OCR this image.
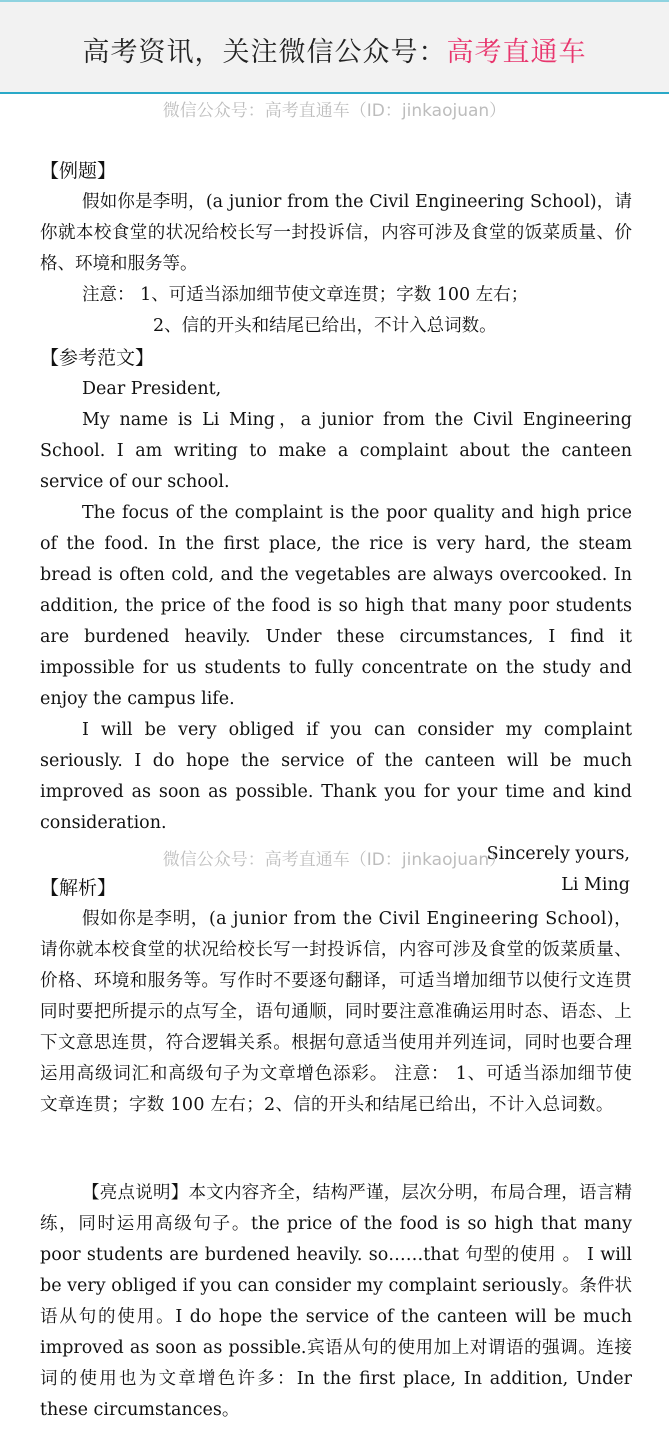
高考资讯，关注微信公众号：高考直通车
微信公众号：高考直通车（ID：jinkaojuan）

【例题】

假如你是李明，(a junior from the Civil Engineering School)，请你就本校食堂的状况给校长写一封投诉信，内容可涉及食堂的饭菜质量、价格、环境和服务等。

注意： 1、可适当添加细节使文章连贯；字数 100 左右；

2、信的开头和结尾已给出，不计入总词数。

【参考范文】

Dear President,

My name is Li Ming，a junior from the Civil Engineering School. I am writing to make a complaint about the canteen service of our school.

The focus of the complaint is the poor quality and high price of the food. In the first place, the rice is very hard, the steam bread is often cold, and the vegetables are always overcooked. In addition, the price of the food is so high that many poor students are burdened heavily. Under these circumstances, I find it impossible for us students to fully concentrate on the study and enjoy the campus life.

I will be very obliged if you can consider my complaint seriously. I do hope the service of the canteen will be much improved as soon as possible. Thank you for your time and kind consideration.

Sincerely yours,

Li Ming

微信公众号：高考直通车（ID：jinkaojuan）

【解析】

假如你是李明，(a junior from the Civil Engineering School)，请你就本校食堂的状况给校长写一封投诉信，内容可涉及食堂的饭菜质量、价格、环境和服务等。写作时不要逐句翻译，可适当增加细节以使行文连贯同时要把所提示的点写全，语句通顺，同时要注意准确运用时态、语态、上下文意思连贯，符合逻辑关系。根据句意适当使用并列连词，同时也要合理运用高级词汇和高级句子为文章增色添彩。 注意： 1、可适当添加细节使文章连贯；字数 100 左右；2、信的开头和结尾已给出，不计入总词数。

【亮点说明】本文内容齐全，结构严谨，层次分明，布局合理，语言精练，同时运用高级句子。the price of the food is so high that many poor students are burdened heavily. so……that 句型的使用 。 I will be very obliged if you can consider my complaint seriously。条件状语从句的使用。I do hope the service of the canteen will be much improved as soon as possible.宾语从句的使用加上对谓语的强调。连接词的使用也为文章增色许多：In the first place, In addition, Under these circumstances。
